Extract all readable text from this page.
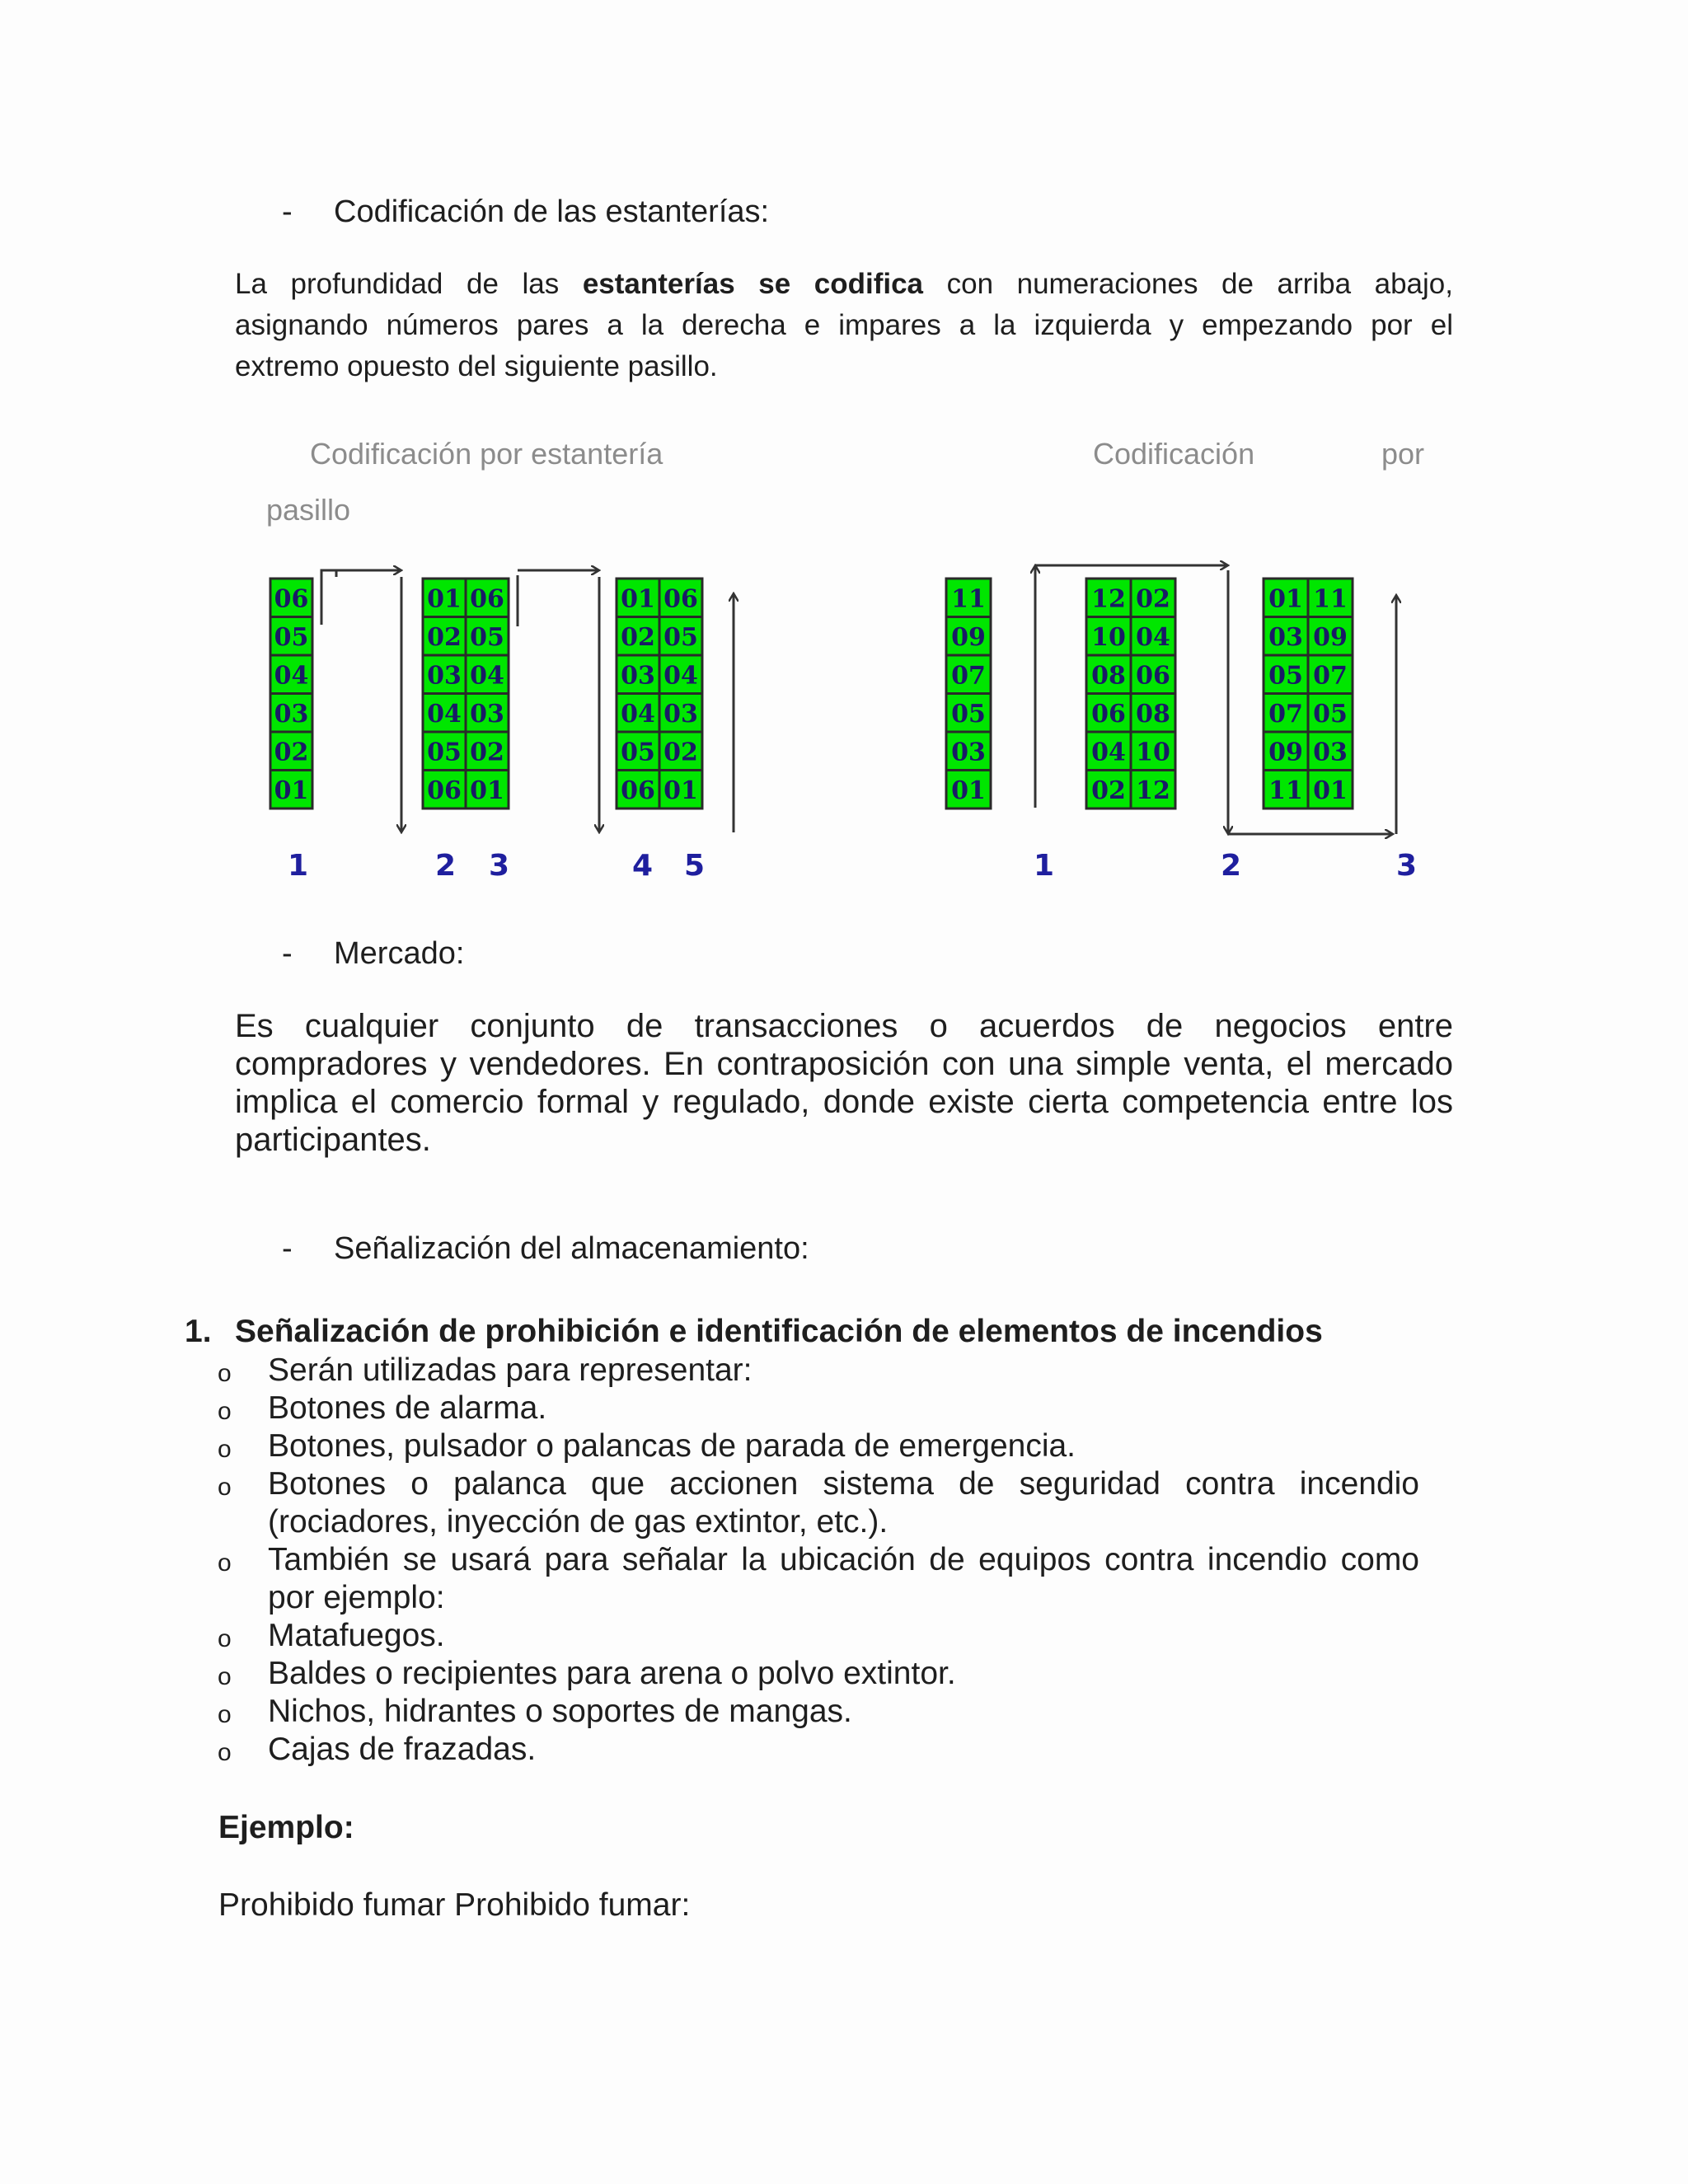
- Codificación de las estanterías:
La profundidad de las estanterías se codifica con numeraciones de arriba abajo,
asignando números pares a la derecha e impares a la izquierda y empezando por el
extremo opuesto del siguiente pasillo.
Codificación por estantería
pasillo
Codificación	por
06
05
04
03
02
01
01 06
02 05
03 04
04 03
05 02
06 01
01 06
02 05
03 04
04 03
05 02
06 01
11
09
07
05
03
01
12 02
10 04
08 06
06 08
04 10
02 12
01 11
03 09
05 07
07 05
09 03
11 01
1	2 3	4 5	1	2	3
- Mercado:
Es cualquier conjunto de transacciones o acuerdos de negocios entre
compradores y vendedores. En contraposición con una simple venta, el mercado
implica el comercio formal y regulado, donde existe cierta competencia entre los
participantes.
- Señalización del almacenamiento:
1. Señalización de prohibición e identificación de elementos de incendios
o Serán utilizadas para representar:
o Botones de alarma.
o Botones, pulsador o palancas de parada de emergencia.
o Botones o palanca que accionen sistema de seguridad contra incendio
(rociadores, inyección de gas extintor, etc.).
o También se usará para señalar la ubicación de equipos contra incendio como
por ejemplo:
o Matafuegos.
o Baldes o recipientes para arena o polvo extintor.
o Nichos, hidrantes o soportes de mangas.
o Cajas de frazadas.
Ejemplo:
Prohibido fumar Prohibido fumar:
